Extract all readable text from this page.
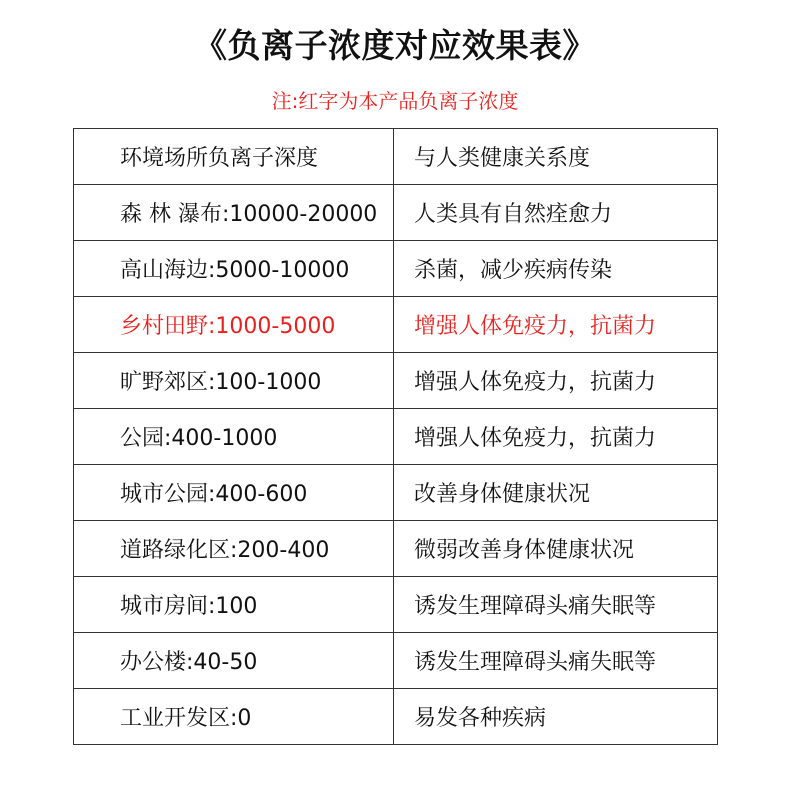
《负离子浓度对应效果表》
注:红字为本产品负离子浓度
环境场所负离子深度	与人类健康关系度
森 林 瀑布:10000-20000	人类具有自然痊愈力
高山海边:5000-10000	杀菌，减少疾病传染
乡村田野:1000-5000	增强人体免疫力，抗菌力
旷野郊区:100-1000	增强人体免疫力，抗菌力
公园:400-1000	增强人体免疫力，抗菌力
城市公园:400-600	改善身体健康状况
道路绿化区:200-400	微弱改善身体健康状况
城市房间:100	诱发生理障碍头痛失眠等
办公楼:40-50	诱发生理障碍头痛失眠等
工业开发区:0	易发各种疾病
